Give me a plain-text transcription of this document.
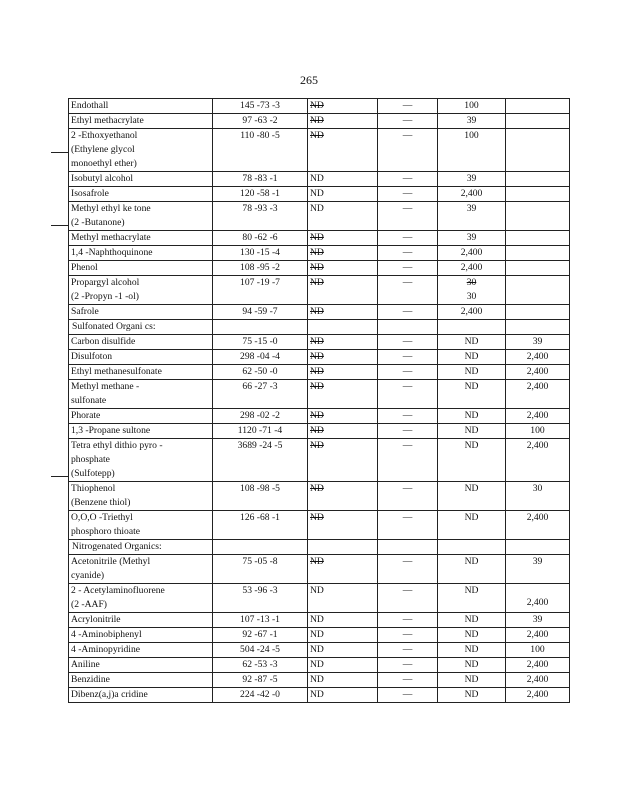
265
Endothall	145 -73 -3	ND	—	100	

Ethyl methacrylate	97 -63 -2	ND	—	39	

2 -Ethoxyethanol
(Ethylene glycol
monoethyl ether)	110 -80 -5	ND	—	100	

Isobutyl alcohol	78 -83 -1	ND	—	39	

Isosafrole	120 -58 -1	ND	—	2,400	

Methyl ethyl ke tone
(2 -Butanone)	78 -93 -3	ND	—	39	

Methyl methacrylate	80 -62 -6	ND	—	39	

1,4 -Naphthoquinone	130 -15 -4	ND	—	2,400	

Phenol	108 -95 -2	ND	—	2,400	

Propargyl alcohol
(2 -Propyn -1 -ol)	107 -19 -7	ND	—	30
30	

Safrole	94 -59 -7	ND	—	2,400	

Sulfonated Organi cs:					

Carbon disulfide	75 -15 -0	ND	—	ND	39

Disulfoton	298 -04 -4	ND	—	ND	2,400

Ethyl methanesulfonate	62 -50 -0	ND	—	ND	2,400

Methyl methane -
sulfonate	66 -27 -3	ND	—	ND	2,400

Phorate	298 -02 -2	ND	—	ND	2,400

1,3 -Propane sultone	1120 -71 -4	ND	—	ND	100

Tetra ethyl dithio pyro -
phosphate
(Sulfotepp)	3689 -24 -5	ND	—	ND	2,400

Thiophenol
(Benzene thiol)	108 -98 -5	ND	—	ND	30

O,O,O -Triethyl
phosphoro thioate	126 -68 -1	ND	—	ND	2,400
Nitrogenated Organics:					

Acetonitrile (Methyl
cyanide)	75 -05 -8	ND	—	ND	39

2 - Acetylaminofluorene
(2 -AAF)	53 -96 -3	ND	—	ND	2,400

Acrylonitrile	107 -13 -1	ND	—	ND	39

4 -Aminobiphenyl	92 -67 -1	ND	—	ND	2,400

4 -Aminopyridine	504 -24 -5	ND	—	ND	100

Aniline	62 -53 -3	ND	—	ND	2,400

Benzidine	92 -87 -5	ND	—	ND	2,400

Dibenz(a,j)a cridine	224 -42 -0	ND	—	ND	2,400
